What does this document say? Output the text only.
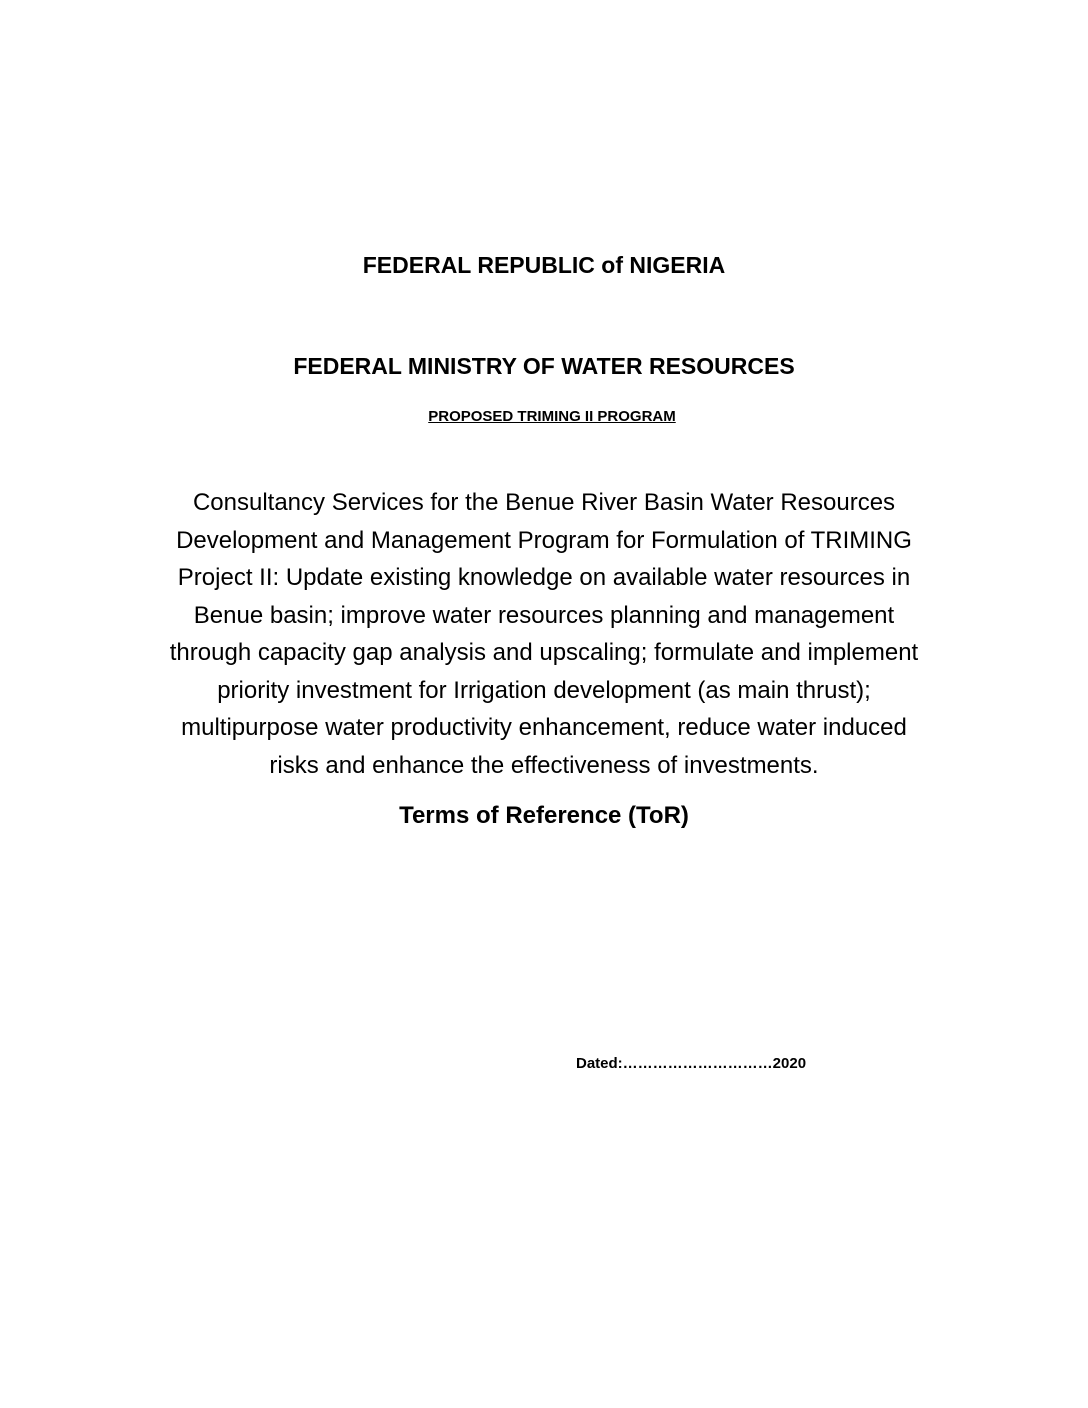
FEDERAL REPUBLIC of NIGERIA
FEDERAL MINISTRY OF WATER RESOURCES
PROPOSED TRIMING II PROGRAM
Consultancy Services for the Benue River Basin Water Resources
Development and Management Program for Formulation of TRIMING
Project II: Update existing knowledge on available water resources in
Benue basin; improve water resources planning and management
through capacity gap analysis and upscaling; formulate and implement
priority investment for Irrigation development (as main thrust);
multipurpose water productivity enhancement, reduce water induced
risks and enhance the effectiveness of investments.
Terms of Reference (ToR)
Dated:…………………………2020
